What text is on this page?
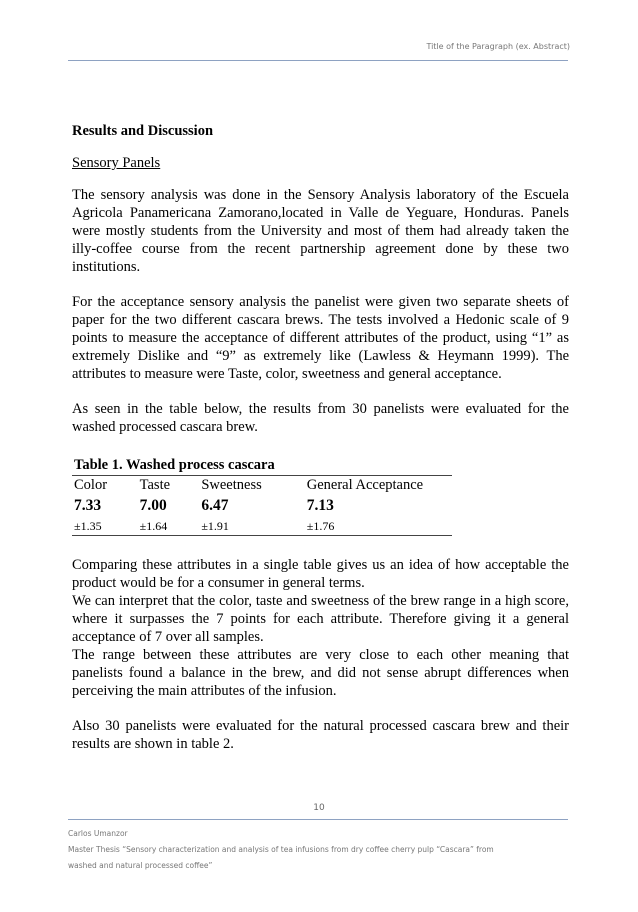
Title of the Paragraph (ex. Abstract)

Results and Discussion

Sensory Panels

The sensory analysis was done in the Sensory Analysis laboratory of the Escuela Agricola Panamericana Zamorano,located in Valle de Yeguare, Honduras. Panels were mostly students from the University and most of them had already taken the illy-coffee course from the recent partnership agreement done by these two institutions.

For the acceptance sensory analysis the panelist were given two separate sheets of paper for the two different cascara brews. The tests involved a Hedonic scale of 9 points to measure the acceptance of different attributes of the product, using “1” as extremely Dislike and “9” as extremely like (Lawless & Heymann 1999). The attributes to measure were Taste, color, sweetness and general acceptance.

As seen in the table below, the results from 30 panelists were evaluated for the washed processed cascara brew.

Table 1. Washed process cascara
Color	Taste	Sweetness	General Acceptance
7.33	7.00	6.47	7.13
±1.35	±1.64	±1.91	±1.76

Comparing these attributes in a single table gives us an idea of how acceptable the product would be for a consumer in general terms.

We can interpret that the color, taste and sweetness of the brew range in a high score, where it surpasses the 7 points for each attribute. Therefore giving it a general acceptance of 7 over all samples.

The range between these attributes are very close to each other meaning that panelists found a balance in the brew, and did not sense abrupt differences when perceiving the main attributes of the infusion.

Also 30 panelists were evaluated for the natural processed cascara brew and their results are shown in table 2.

10
Carlos Umanzor
Master Thesis “Sensory characterization and analysis of tea infusions from dry coffee cherry pulp “Cascara” from
washed and natural processed coffee”
